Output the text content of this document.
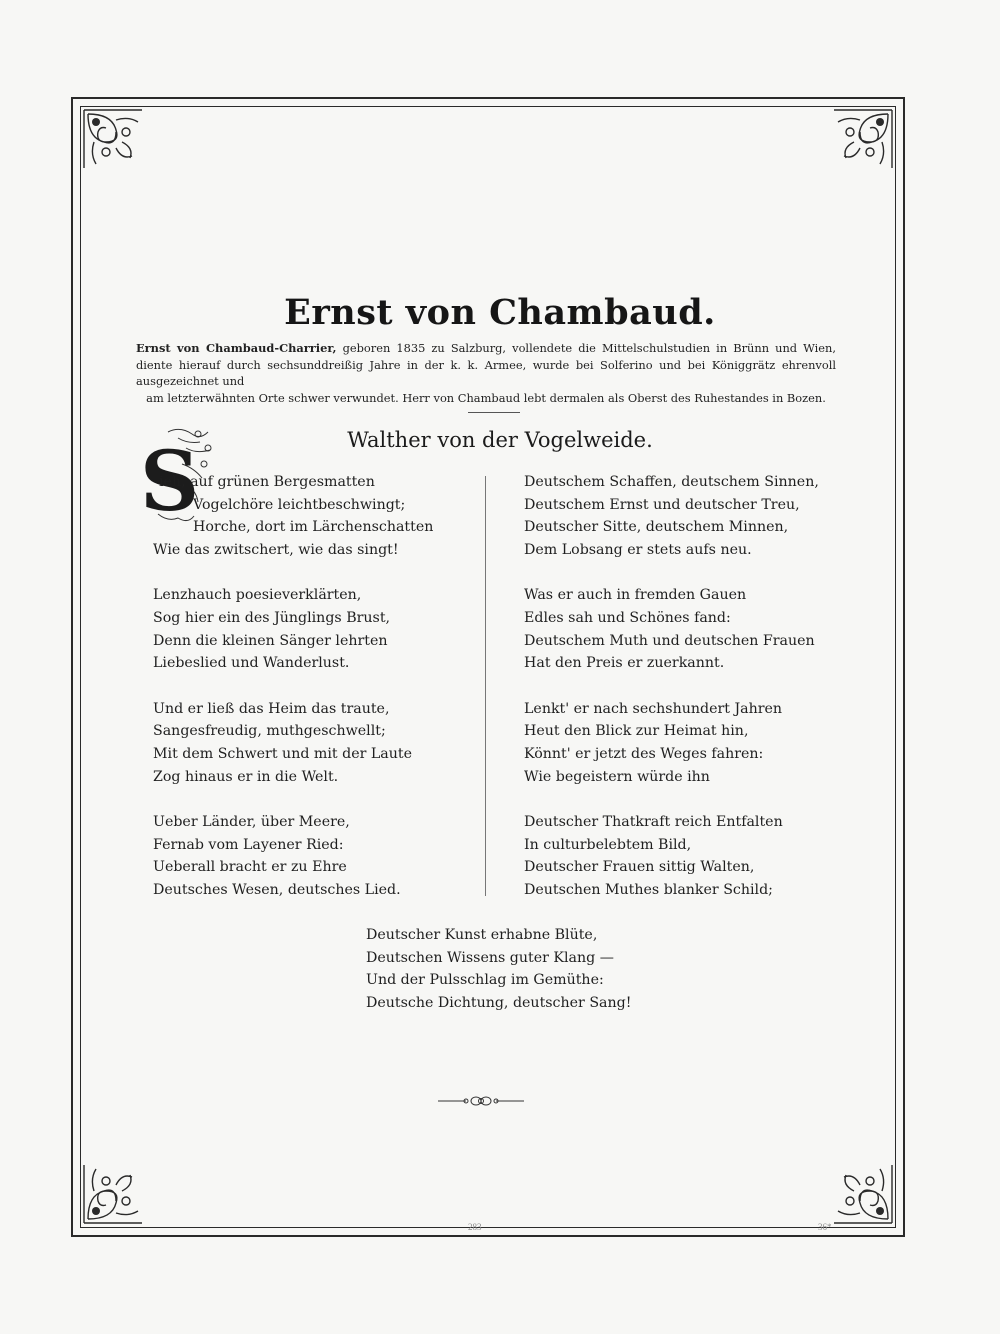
Ernst von Chambaud.
Ernst von Chambaud-Charrier, geboren 1835 zu Salzburg, vollendete die Mittelschulstudien in Brünn und Wien, diente hierauf durch sechsunddreißig Jahre in der k. k. Armee, wurde bei Solferino und bei Königgrätz ehrenvoll ausgezeichnet und
am letzterwähnten Orte schwer verwundet. Herr von Chambaud lebt dermalen als Oberst des Ruhestandes in Bozen.
Walther von der Vogelweide.
S
ieh, auf grünen Bergesmatten
Vogelchöre leichtbeschwingt;
Horche, dort im Lärchenschatten
Wie das zwitschert, wie das singt!
Lenzhauch poesieverklärten,
Sog hier ein des Jünglings Brust,
Denn die kleinen Sänger lehrten
Liebeslied und Wanderlust.
Und er ließ das Heim das traute,
Sangesfreudig, muthgeschwellt;
Mit dem Schwert und mit der Laute
Zog hinaus er in die Welt.
Ueber Länder, über Meere,
Fernab vom Layener Ried:
Ueberall bracht er zu Ehre
Deutsches Wesen, deutsches Lied.
Deutschem Schaffen, deutschem Sinnen,
Deutschem Ernst und deutscher Treu,
Deutscher Sitte, deutschem Minnen,
Dem Lobsang er stets aufs neu.
Was er auch in fremden Gauen
Edles sah und Schönes fand:
Deutschem Muth und deutschen Frauen
Hat den Preis er zuerkannt.
Lenkt' er nach sechshundert Jahren
Heut den Blick zur Heimat hin,
Könnt' er jetzt des Weges fahren:
Wie begeistern würde ihn
Deutscher Thatkraft reich Entfalten
In culturbelebtem Bild,
Deutscher Frauen sittig Walten,
Deutschen Muthes blanker Schild;
Deutscher Kunst erhabne Blüte,
Deutschen Wissens guter Klang —
Und der Pulsschlag im Gemüthe:
Deutsche Dichtung, deutscher Sang!
283	36*
